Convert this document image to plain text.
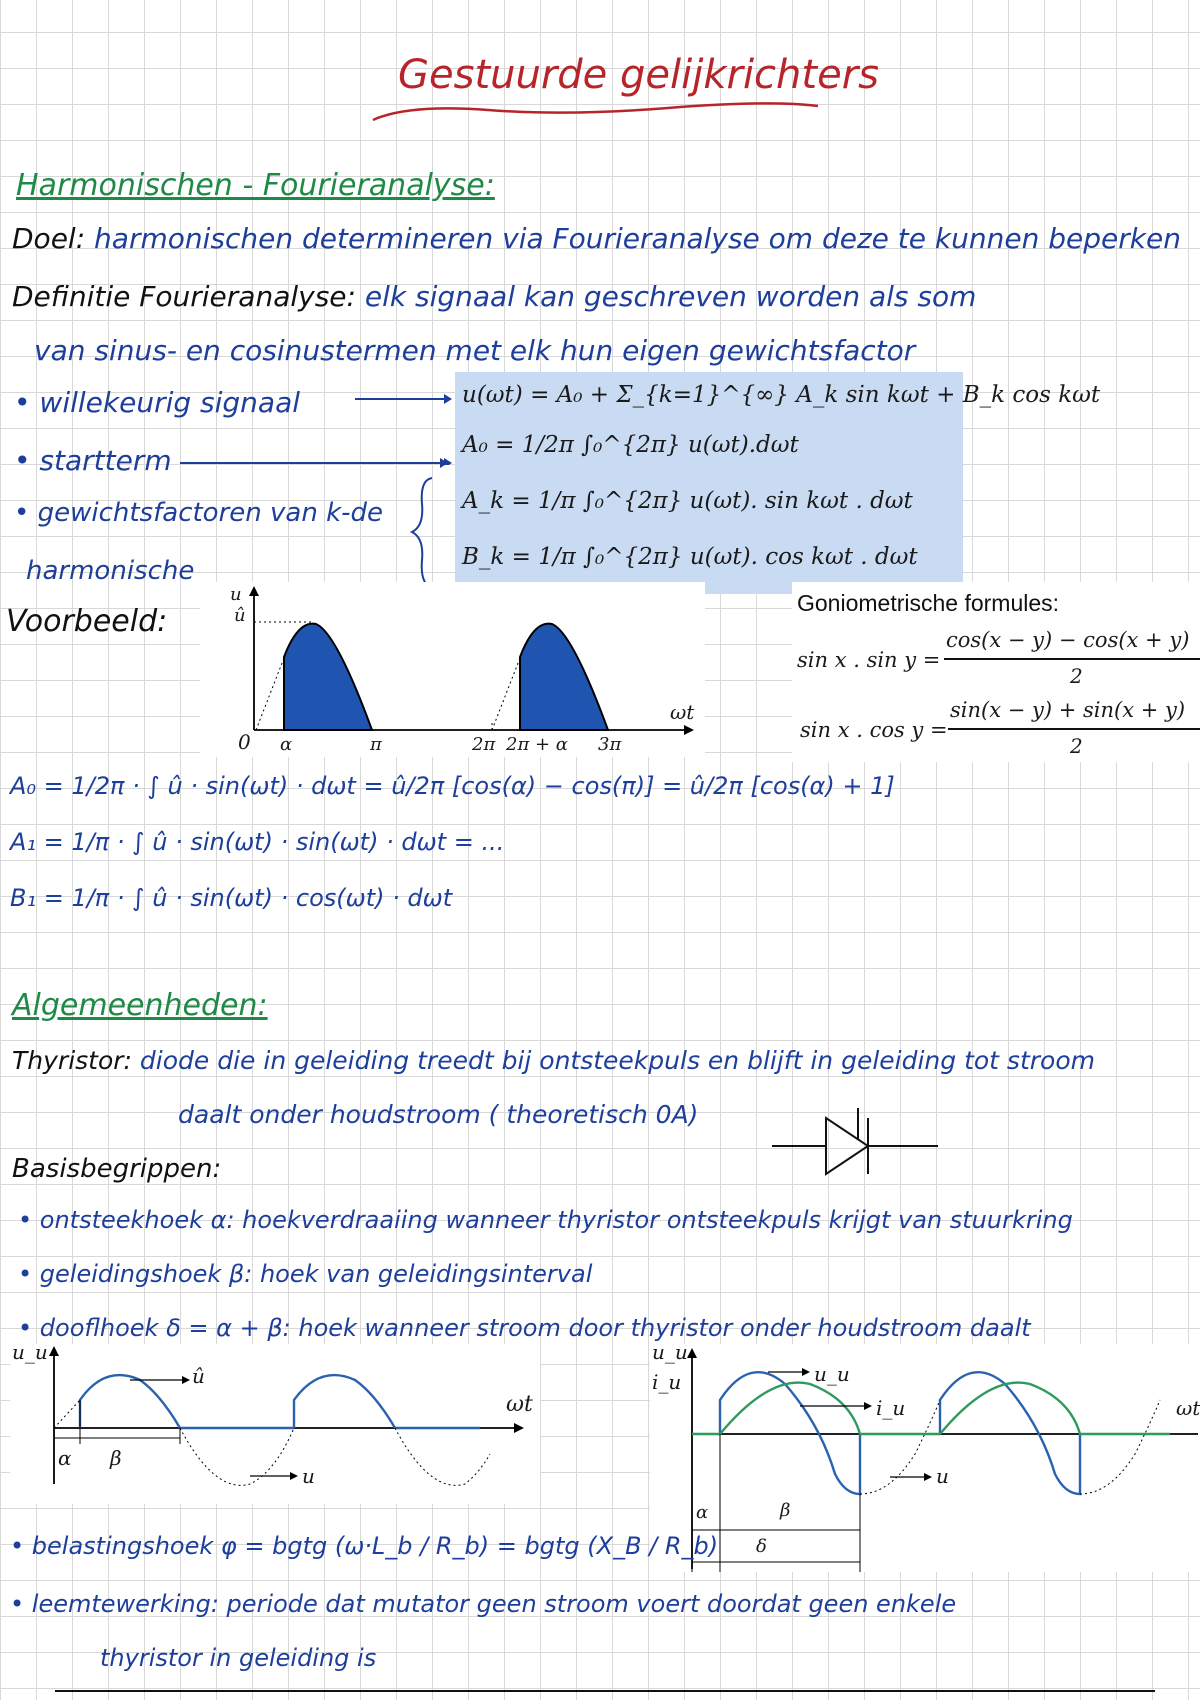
Gestuurde gelijkrichters
Harmonischen - Fourieranalyse:
Doel: harmonischen determineren via Fourieranalyse om deze te kunnen beperken
Definitie Fourieranalyse: elk signaal kan geschreven worden als som
van sinus- en cosinustermen met elk hun eigen gewichtsfactor
u(ωt) = A₀ + Σ_{k=1}^{∞} A_k sin kωt + B_k cos kωt
A₀ = 1/2π ∫₀^{2π} u(ωt).dωt
A_k = 1/π ∫₀^{2π} u(ωt). sin kωt . dωt
B_k = 1/π ∫₀^{2π} u(ωt). cos kωt . dωt
• willekeurig signaal
• startterm
• gewichtsfactoren van k-de
harmonische
Voorbeeld:
u
û
0 α	π	2π 2π + α 3π
ωt
Goniometrische formules:
sin x . sin y =
cos(x − y) − cos(x + y)
2
sin x . cos y =
sin(x − y) + sin(x + y)
2
A₀ = 1/2π · ∫ û · sin(ωt) · dωt = û/2π [cos(α) − cos(π)] = û/2π [cos(α) + 1]
A₁ = 1/π · ∫ û · sin(ωt) · sin(ωt) · dωt = ...
B₁ = 1/π · ∫ û · sin(ωt) · cos(ωt) · dωt
Algemeenheden:
Thyristor: diode die in geleiding treedt bij ontsteekpuls en blijft in geleiding tot stroom
daalt onder houdstroom ( theoretisch 0A)
Basisbegrippen:
• ontsteekhoek α: hoekverdraaiing wanneer thyristor ontsteekpuls krijgt van stuurkring
• geleidingshoek β: hoek van geleidingsinterval
• dooflhoek δ = α + β: hoek wanneer stroom door thyristor onder houdstroom daalt
u_u
û
ωt
α β
u
u_u
i_u	u_u
i_u
u
ωt
α	β
δ
• belastingshoek φ = bgtg (ω·L_b / R_b) = bgtg (X_B / R_b)
• leemtewerking: periode dat mutator geen stroom voert doordat geen enkele
thyristor in geleiding is
